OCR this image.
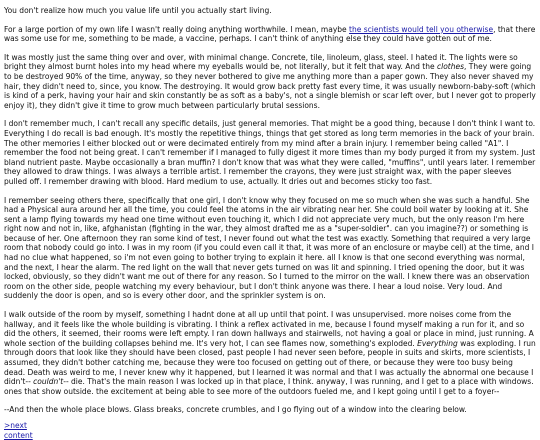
You don't realize how much you value life until you actually start living.

For a large portion of my own life I wasn't really doing anything worthwhile. I mean, maybe the scientists would tell you otherwise, that there was some use for me, something to be made, a vaccine, perhaps. I can't think of anything else they could have gotten out of me.

It was mostly just the same thing over and over, with minimal change. Concrete, tile, linoleum, glass, steel. I hated it. The lights were so bright they almost burnt holes into my head where my eyeballs would be, not literally, but it felt that way. And the clothes, They were going to be destroyed 90% of the time, anyway, so they never bothered to give me anything more than a paper gown. They also never shaved my hair, they didn't need to, since, you know. The destroying. It would grow back pretty fast every time, it was usually newborn-baby-soft (which is kind of a perk, having your hair and skin constantly be as soft as a baby's, not a single blemish or scar left over, but I never got to properly enjoy it), they didn't give it time to grow much between particularly brutal sessions.

I don't remember much, I can't recall any specific details, just general memories. That might be a good thing, because I don't think I want to. Everything I do recall is bad enough. It's mostly the repetitive things, things that get stored as long term memories in the back of your brain. The other memories I either blocked out or were decimated entirely from my mind after a brain injury. I remember being called "A1". I remember the food not being great. I can't remember if I managed to fully digest it more times than my body purged it from my system. Just bland nutrient paste. Maybe occasionally a bran muffin? I don't know that was what they were called, "muffins", until years later. I remember they allowed to draw things. I was always a terrible artist. I remember the crayons, they were just straight wax, with the paper sleeves pulled off. I remember drawing with blood. Hard medium to use, actually. It dries out and becomes sticky too fast.

I remember seeing others there, specifically that one girl, I don't know why they focused on me so much when she was such a handful. She had a Physical aura around her all the time, you could feel the atoms in the air vibrating near her. She could boil water by looking at it. She sent a lamp flying towards my head one time without even touching it, which I did not appreciate very much, but the only reason I'm here right now and not in, like, afghanistan (fighting in the war, they almost drafted me as a "super-soldier". can you imagine??) or something is because of her. One afternoon they ran some kind of test, I never found out what the test was exactly. Something that required a very large room that nobody could go into. I was in my room (if you could even call it that, it was more of an enclosure or maybe cell) at the time, and I had no clue what happened, so i'm not even going to bother trying to explain it here. all I know is that one second everything was normal, and the next, I hear the alarm. The red light on the wall that never gets turned on was lit and spinning. I tried opening the door, but it was locked, obviously, so they didn't want me out of there for any reason. So I turned to the mirror on the wall. I knew there was an observation room on the other side, people watching my every behaviour, but I don't think anyone was there. I hear a loud noise. Very loud. And suddenly the door is open, and so is every other door, and the sprinkler system is on.

I walk outside of the room by myself, something I hadnt done at all up until that point. I was unsupervised. more noises come from the hallway, and it feels like the whole building is vibrating. I think a reflex activated in me, because I found myself making a run for it, and so did the others, it seemed, their rooms were left empty. I ran down hallways and stairwells, not having a goal or place in mind, just running. A whole section of the building collapses behind me. It's very hot, I can see flames now, something's exploded. Everything was exploding. I run through doors that look like they should have been closed, past people I had never seen before, people in suits and skirts, more scientists, I assumed, they didn't bother catching me, because they were too focused on getting out of there, or because they were too busy being dead. Death was weird to me, I never knew why it happened, but I learned it was normal and that I was actually the abnormal one because I didn't-- couldn't-- die. That's the main reason I was locked up in that place, I think. anyway, I was running, and I get to a place with windows. ones that show outside. the excitement at being able to see more of the outdoors fueled me, and I kept going until I get to a foyer--

--And then the whole place blows. Glass breaks, concrete crumbles, and I go flying out of a window into the clearing below.

>next
content
